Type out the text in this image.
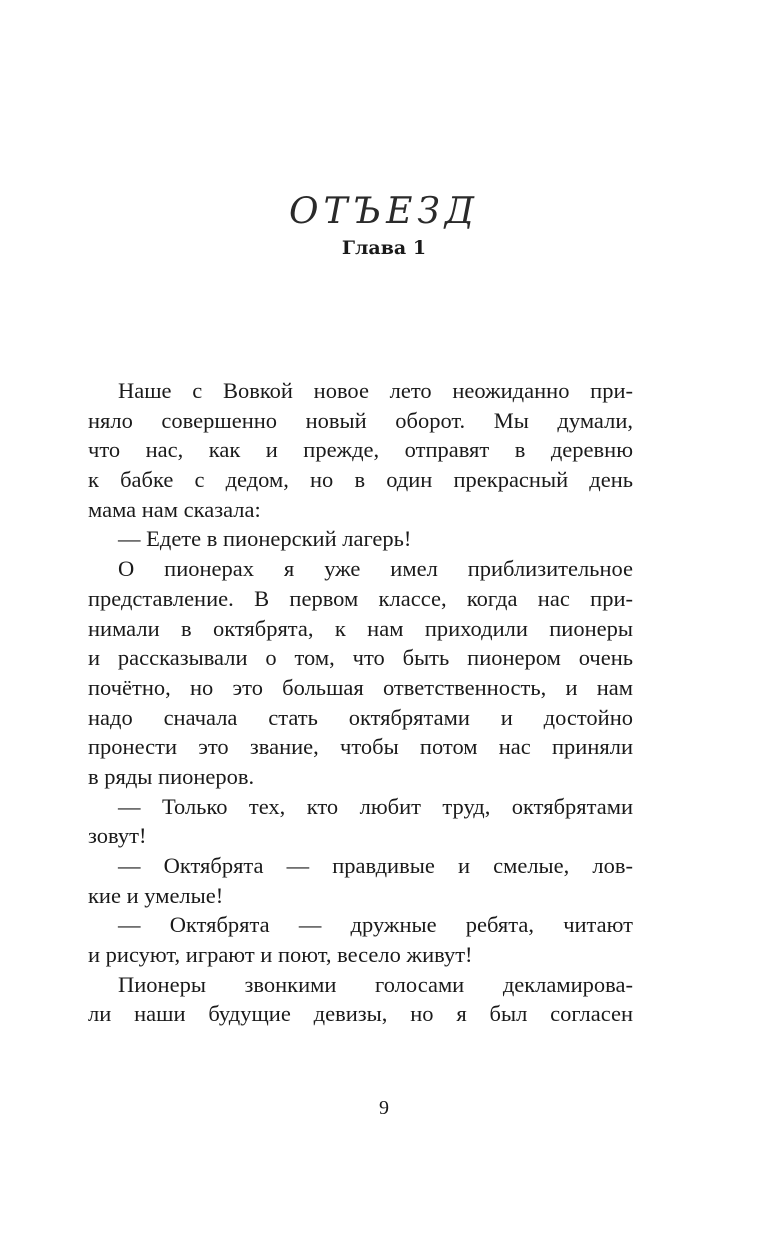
ОТЪЕЗД
Глава 1
Наше с Вовкой новое лето неожиданно при-
няло совершенно новый оборот. Мы думали,
что нас, как и прежде, отправят в деревню
к бабке с дедом, но в один прекрасный день
мама нам сказала:
— Едете в пионерский лагерь!
О пионерах я уже имел приблизительное
представление. В первом классе, когда нас при-
нимали в октябрята, к нам приходили пионеры
и рассказывали о том, что быть пионером очень
почётно, но это большая ответственность, и нам
надо сначала стать октябрятами и достойно
пронести это звание, чтобы потом нас приняли
в ряды пионеров.
— Только тех, кто любит труд, октябрятами
зовут!
— Октябрята — правдивые и смелые, лов-
кие и умелые!
— Октябрята — дружные ребята, читают
и рисуют, играют и поют, весело живут!
Пионеры звонкими голосами декламирова-
ли наши будущие девизы, но я был согласен
9
